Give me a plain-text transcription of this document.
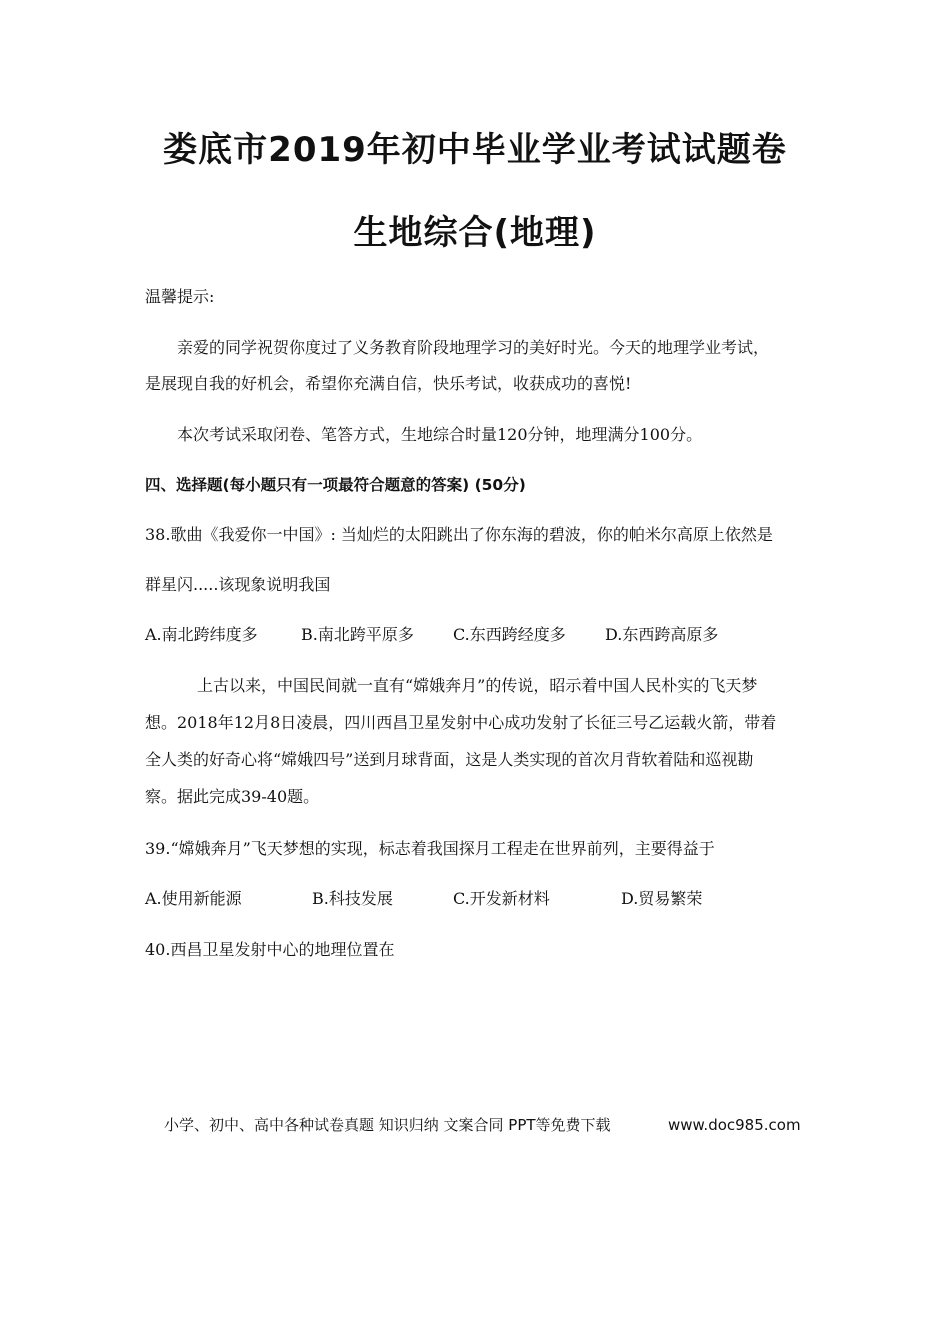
娄底市2019年初中毕业学业考试试题卷
生地综合(地理)
温馨提示:
亲爱的同学祝贺你度过了义务教育阶段地理学习的美好时光。今天的地理学业考试，
是展现自我的好机会，希望你充满自信，快乐考试，收获成功的喜悦!
本次考试采取闭卷、笔答方式，生地综合时量120分钟，地理满分100分。
四、选择题(每小题只有一项最符合题意的答案) (50分)
38.歌曲《我爱你一中国》: 当灿烂的太阳跳出了你东海的碧波，你的帕米尔高原上依然是
群星闪.....该现象说明我国
A.南北跨纬度多	B.南北跨平原多 C.东西跨经度多 D.东西跨高原多
上古以来，中国民间就一直有“嫦娥奔月”的传说，昭示着中国人民朴实的飞天梦
想。2018年12月8日凌晨，四川西昌卫星发射中心成功发射了长征三号乙运载火箭，带着
全人类的好奇心将“嫦娥四号”送到月球背面，这是人类实现的首次月背软着陆和巡视勘
察。据此完成39-40题。
39.“嫦娥奔月”飞天梦想的实现，标志着我国探月工程走在世界前列，主要得益于
A.使用新能源	B.科技发展	C.开发新材料	D.贸易繁荣
40.西昌卫星发射中心的地理位置在
小学、初中、高中各种试卷真题 知识归纳 文案合同 PPT等免费下载	www.doc985.com
